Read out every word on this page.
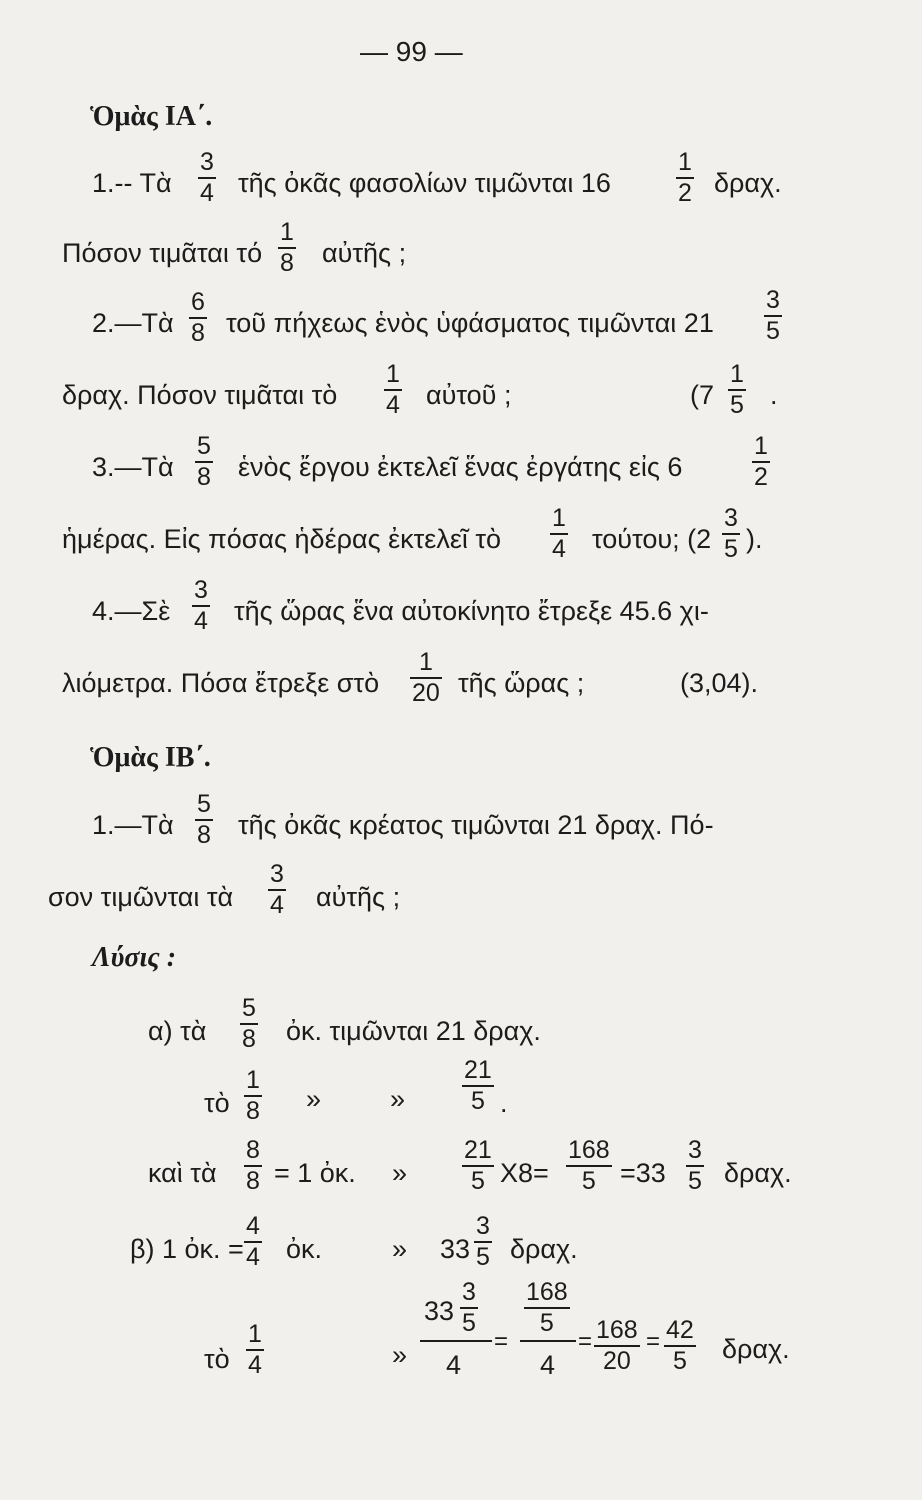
— 99 —
Ὁμὰς ΙΑ΄.
1.-- Τὰ
3
4 τῆς ὀκᾶς φασολίων τιμῶνται 16
1
2 δραχ.
Πόσον τιμᾶται τό
1
8 αὐτῆς ;
2.—Τὰ
6
8 τοῦ πήχεως ἑνὸς ὑφάσματος τιμῶνται 21
3
5
δραχ. Πόσον τιμᾶται τὸ
1
4 αὐτοῦ ;	(7
1
5 .
3.—Τὰ
5
8 ἑνὸς ἔργου ἐκτελεῖ ἕνας ἐργάτης εἰς 6
1
2
ἡμέρας. Εἰς πόσας ἡδέρας ἐκτελεῖ τὸ
1
4 τούτου; (2
3
5 ).
4.—Σὲ
3
4 τῆς ὥρας ἕνα αὐτοκίνητο ἔτρεξε 45.6 χι-
λιόμετρα. Πόσα ἔτρεξε στὸ
1
20 τῆς ὥρας ;	(3,04).
Ὁμὰς ΙΒ΄.
1.—Τὰ
5
8 τῆς ὀκᾶς κρέατος τιμῶνται 21 δραχ. Πό-
σον τιμῶνται τὰ
3
4 αὐτῆς ;
Λύσις :
α) τὰ
5
8 ὀκ. τιμῶνται 21 δραχ.
τὸ
1
8 »	»
21
5 .
καὶ τὰ
8
8 = 1 ὀκ. »
21
5 X8=
168
5 =33
3
5 δραχ.
β) 1 ὀκ. =
4
4 ὀκ.	» 33
3
5 δραχ.
τὸ
1
4	»
33
3
5
4
=
168
5
4
= 168
20
= 42
5 δραχ.
